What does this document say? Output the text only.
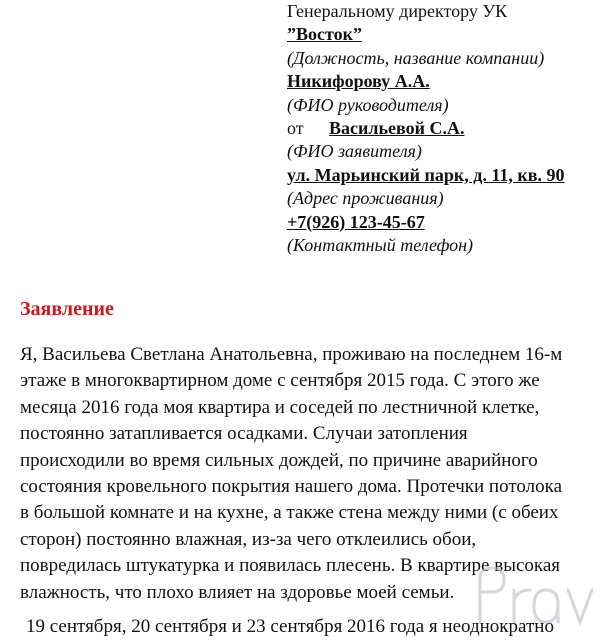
Генеральному директору УК
”Восток”
(Должность, название компании)
Никифорову А.А.
(ФИО руководителя)
от Васильевой С.А.
(ФИО заявителя)
ул. Марьинский парк, д. 11, кв. 90
(Адрес проживания)
+7(926) 123-45-67
(Контактный телефон)
Заявление
Я, Васильева Светлана Анатольевна, проживаю на последнем 16-м
этаже в многоквартирном доме с сентября 2015 года. С этого же
месяца 2016 года моя квартира и соседей по лестничной клетке,
постоянно затапливается осадками. Случаи затопления
происходили во время сильных дождей, по причине аварийного
состояния кровельного покрытия нашего дома. Протечки потолока
в большой комнате и на кухне, а также стена между ними (с обеих
сторон) постоянно влажная, из-за чего отклеились обои,
повредилась штукатурка и появилась плесень. В квартире высокая
влажность, что плохо влияет на здоровье моей семьи.
19 сентября, 20 сентября и 23 сентября 2016 года я неоднократно
